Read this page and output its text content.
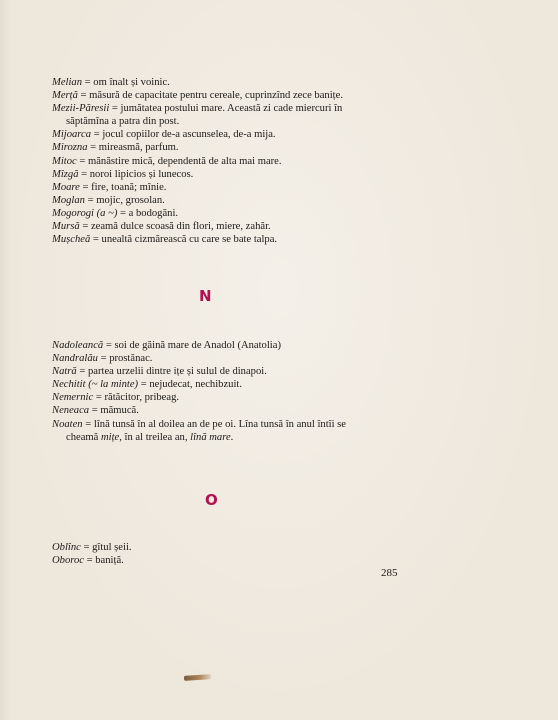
Melian = om înalt și voinic.
Merță = măsură de capacitate pentru cereale, cuprinzînd zece banițe.
Mezii-Păresii = jumătatea postului mare. Această zi cade miercuri în
săptămîna a patra din post.
Mijoarca = jocul copiilor de-a ascunselea, de-a mija.
Mirozna = mireasmă, parfum.
Mitoc = mănăstire mică, dependentă de alta mai mare.
Mîzgă = noroi lipicios și lunecos.
Moare = fire, toană; mînie.
Moglan = mojic, grosolan.
Mogorogi (a ~) = a bodogăni.
Mursă = zeamă dulce scoasă din flori, miere, zahăr.
Mușcheă = unealtă cizmărească cu care se bate talpa.
N
Nadoleancă = soi de găină mare de Anadol (Anatolia)
Nandralău = prostănac.
Natră = partea urzelii dintre ițe și sulul de dinapoi.
Nechitit (~ la minte) = nejudecat, nechibzuit.
Nemernic = rătăcitor, pribeag.
Neneaca = mămucă.
Noaten = lînă tunsă în al doilea an de pe oi. Lîna tunsă în anul întîi se
cheamă mițe, în al treilea an, lînă mare.
O
Oblînc = gîtul șeii.
Oboroc = baniță.
285
